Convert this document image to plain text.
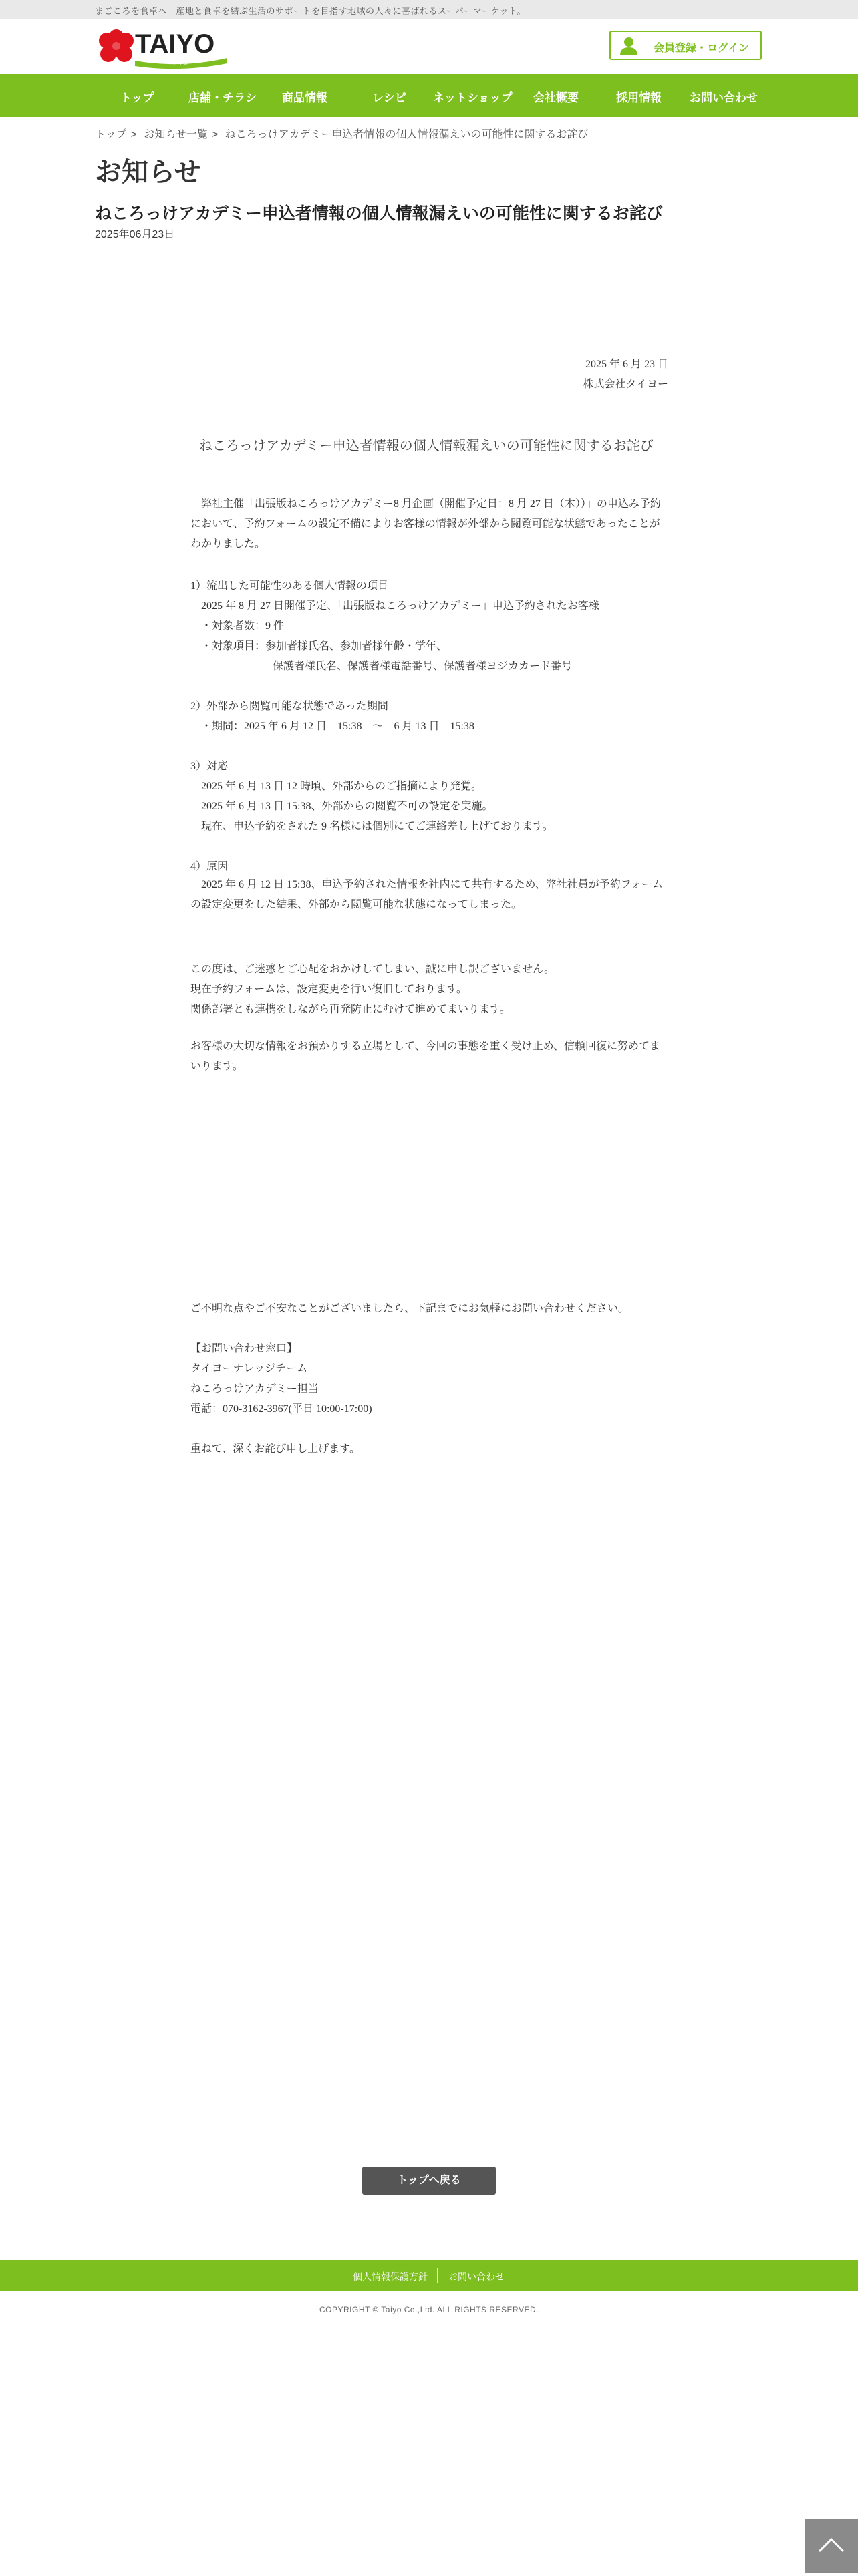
まごころを食卓へ　産地と食卓を結ぶ生活のサポートを目指す地域の人々に喜ばれるスーパーマーケット。
TAIYO
タイヨー
会員登録・ログイン
トップ	店舗・チラシ 商品情報	レシピ ネットショップ 会社概要	採用情報 お問い合わせ
トップ > お知らせ一覧 > ねころっけアカデミー申込者情報の個人情報漏えいの可能性に関するお詫び
お知らせ
ねころっけアカデミー申込者情報の個人情報漏えいの可能性に関するお詫び
2025年06月23日
2025 年 6 月 23 日
株式会社タイヨー
ねころっけアカデミー申込者情報の個人情報漏えいの可能性に関するお詫び

　弊社主催「出張版ねころっけアカデミー8 月企画（開催予定日：8 月 27 日（木））」の申込み予約において、予約フォームの設定不備によりお客様の情報が外部から閲覧可能な状態であったことがわかりました。

1）流出した可能性のある個人情報の項目
　2025 年 8 月 27 日開催予定、「出張版ねころっけアカデミー」申込予約されたお客様
　・対象者数：9 件
　・対象項目：参加者様氏名、参加者様年齢・学年、
保護者様氏名、保護者様電話番号、保護者様ヨジカカード番号
2）外部から閲覧可能な状態であった期間
　・期間：2025 年 6 月 12 日　15:38　～　6 月 13 日　15:38
3）対応
　2025 年 6 月 13 日 12 時頃、外部からのご指摘により発覚。
　2025 年 6 月 13 日 15:38、外部からの閲覧不可の設定を実施。
　現在、申込予約をされた 9 名様には個別にてご連絡差し上げております。
4）原因

　2025 年 6 月 12 日 15:38、申込予約された情報を社内にて共有するため、弊社社員が予約フォームの設定変更をした結果、外部から閲覧可能な状態になってしまった。

この度は、ご迷惑とご心配をおかけしてしまい、誠に申し訳ございません。
現在予約フォームは、設定変更を行い復旧しております。
関係部署とも連携をしながら再発防止にむけて進めてまいります。

お客様の大切な情報をお預かりする立場として、今回の事態を重く受け止め、信頼回復に努めてまいります。

ご不明な点やご不安なことがございましたら、下記までにお気軽にお問い合わせください。
【お問い合わせ窓口】
タイヨーナレッジチーム
ねころっけアカデミー担当
電話：070-3162-3967(平日 10:00-17:00)
重ねて、深くお詫び申し上げます。
トップへ戻る
個人情報保護方針 お問い合わせ
COPYRIGHT © Taiyo Co.,Ltd. ALL RIGHTS RESERVED.
